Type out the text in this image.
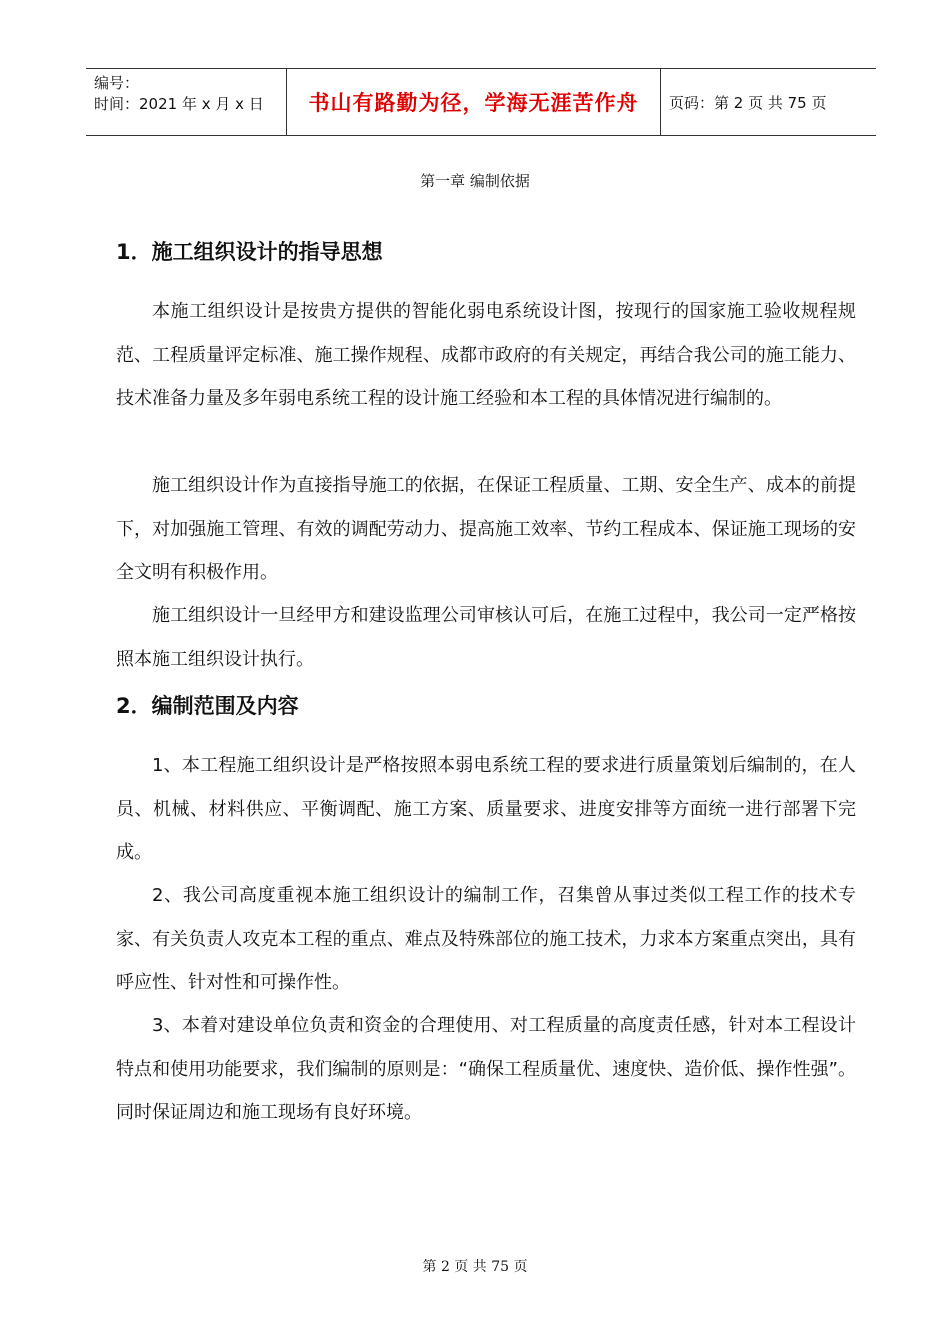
编号：
时间：2021 年 x 月 x 日	书山有路勤为径，学海无涯苦作舟 页码：第 2 页 共 75 页
第一章 编制依据
1．施工组织设计的指导思想

本施工组织设计是按贵方提供的智能化弱电系统设计图，按现行的国家施工验收规程规范、工程质量评定标准、施工操作规程、成都市政府的有关规定，再结合我公司的施工能力、技术准备力量及多年弱电系统工程的设计施工经验和本工程的具体情况进行编制的。

施工组织设计作为直接指导施工的依据，在保证工程质量、工期、安全生产、成本的前提下，对加强施工管理、有效的调配劳动力、提高施工效率、节约工程成本、保证施工现场的安全文明有积极作用。

施工组织设计一旦经甲方和建设监理公司审核认可后，在施工过程中，我公司一定严格按照本施工组织设计执行。

2．编制范围及内容

1、本工程施工组织设计是严格按照本弱电系统工程的要求进行质量策划后编制的，在人员、机械、材料供应、平衡调配、施工方案、质量要求、进度安排等方面统一进行部署下完成。

2、我公司高度重视本施工组织设计的编制工作，召集曾从事过类似工程工作的技术专家、有关负责人攻克本工程的重点、难点及特殊部位的施工技术，力求本方案重点突出，具有呼应性、针对性和可操作性。

3、本着对建设单位负责和资金的合理使用、对工程质量的高度责任感，针对本工程设计特点和使用功能要求，我们编制的原则是：“确保工程质量优、速度快、造价低、操作性强”。同时保证周边和施工现场有良好环境。

第 2 页 共 75 页
